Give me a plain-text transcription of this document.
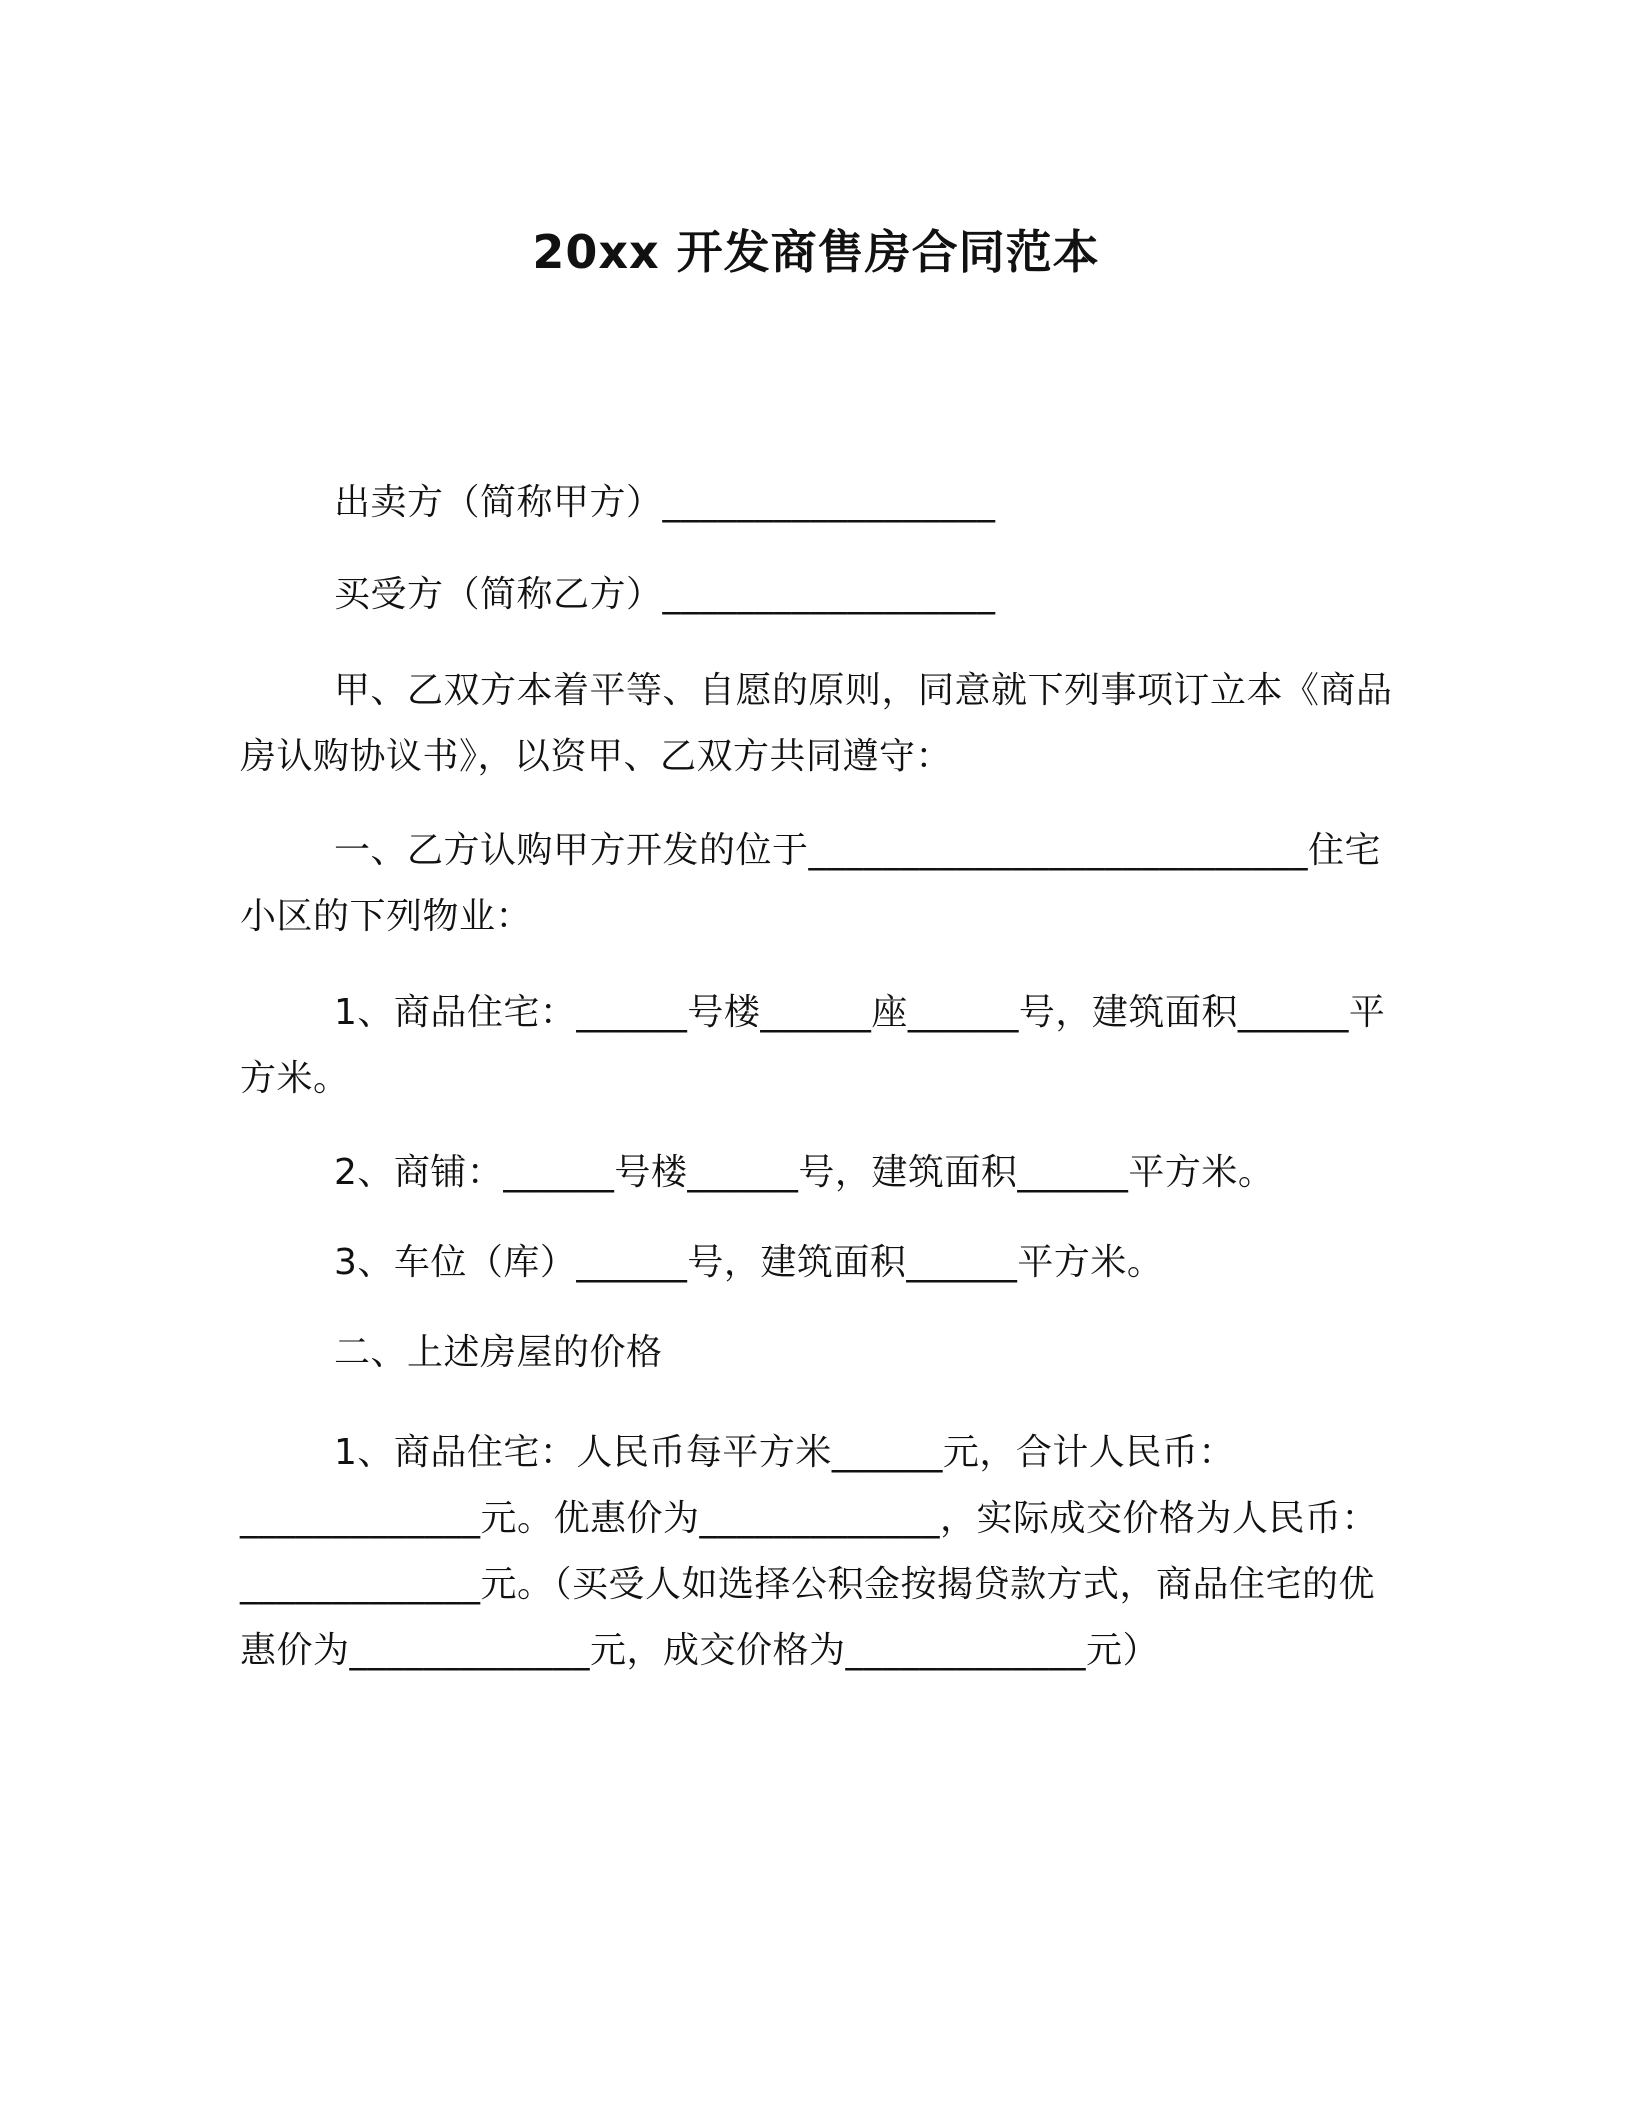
20xx 开发商售房合同范本
出卖方（简称甲方）__________________
买受方（简称乙方）__________________
甲、乙双方本着平等、自愿的原则，同意就下列事项订立本《商品房认购协议书》，以资甲、乙双方共同遵守：
一、乙方认购甲方开发的位于___________________________住宅小区的下列物业：
1、商品住宅：______号楼______座______号，建筑面积______平方米。
2、商铺：______号楼______号，建筑面积______平方米。
3、车位（库）______号，建筑面积______平方米。
二、上述房屋的价格
1、商品住宅：人民币每平方米______元，合计人民币：_____________元。优惠价为_____________，实际成交价格为人民币：_____________元。（买受人如选择公积金按揭贷款方式，商品住宅的优惠价为_____________元，成交价格为_____________元）
